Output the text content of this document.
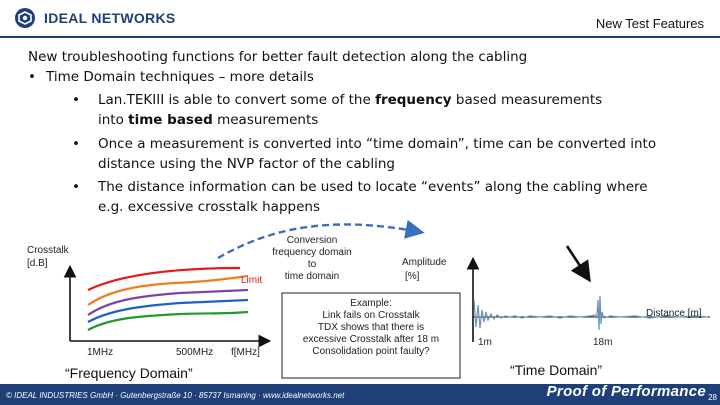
IDEAL NETWORKS	New Test Features
New troubleshooting functions for better fault detection along the cabling
• Time Domain techniques – more details
• Lan.TEKIII is able to convert some of the frequency based measurements
into time based measurements
• Once a measurement is converted into “time domain”, time can be converted into
distance using the NVP factor of the cabling
• The distance information can be used to locate “events” along the cabling where
e.g. excessive crosstalk happens
Crosstalk
[d.B]
Limit
1MHz	500MHz f[MHz]
“Frequency Domain”
Conversion
frequency domain
to
time domain
Example:
Link fails on Crosstalk
TDX shows that there is
excessive Crosstalk after 18 m
Consolidation point faulty?
Amplitude
[%]
Distance [m]
1m	18m
“Time Domain”
© IDEAL INDUSTRIES GmbH · Gutenbergstraße 10 · 85737 Ismaning · www.idealnetworks.net	Proof of Performance 28
